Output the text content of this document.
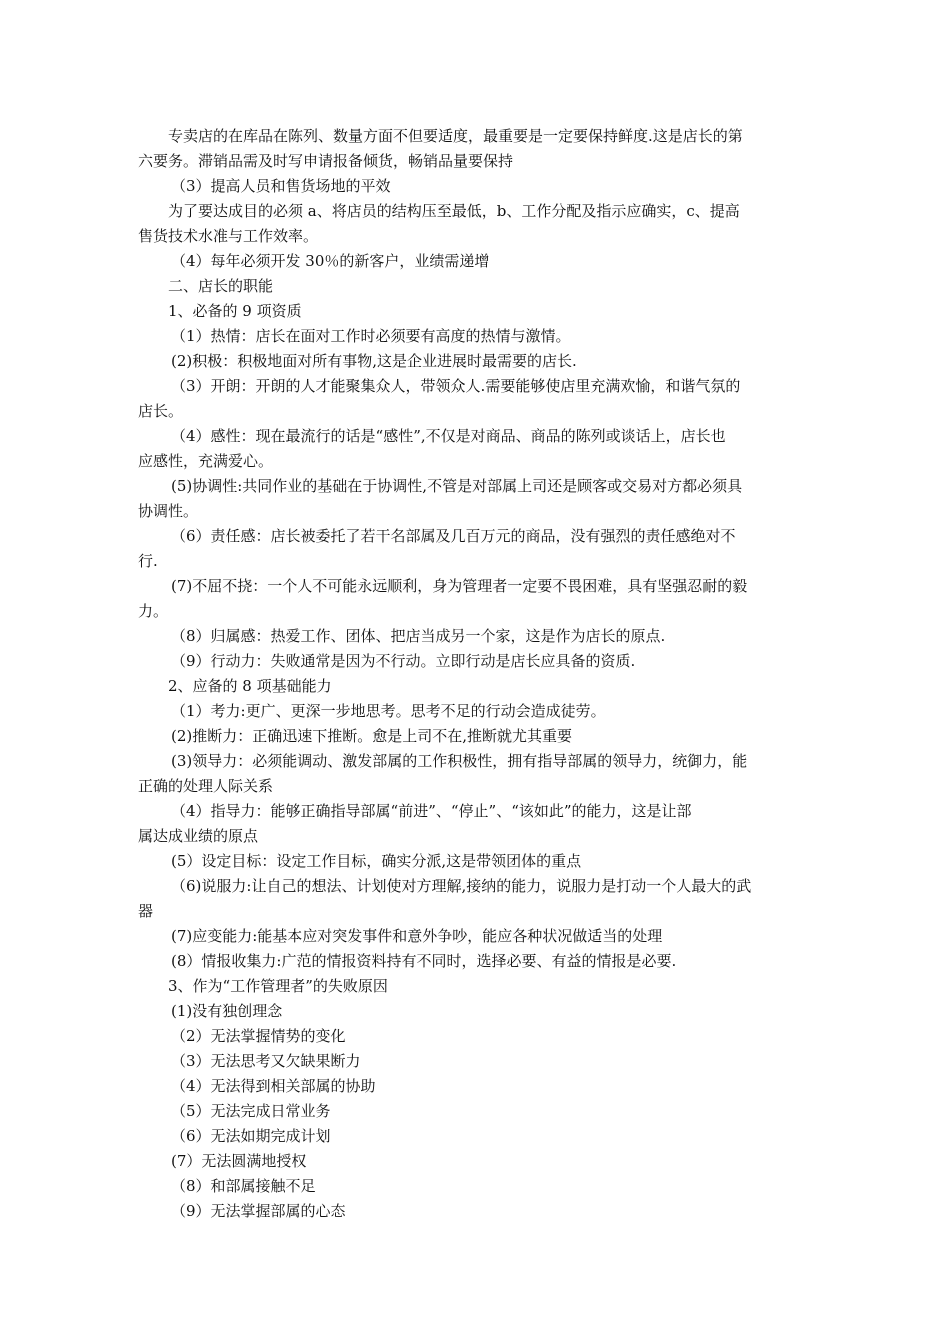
专卖店的在库品在陈列、数量方面不但要适度，最重要是一定要保持鲜度.这是店长的第
六要务。滞销品需及时写申请报备倾货，畅销品量要保持
（3）提高人员和售货场地的平效
为了要达成目的必须 a、将店员的结构压至最低，b、工作分配及指示应确实，c、提高
售货技术水准与工作效率。
（4）每年必须开发 30％的新客户，业绩需递增
二、店长的职能
1、必备的 9 项资质
（1）热情：店长在面对工作时必须要有高度的热情与激情。
(2)积极：积极地面对所有事物,这是企业进展时最需要的店长.
（3）开朗：开朗的人才能聚集众人，带领众人.需要能够使店里充满欢愉，和谐气氛的
店长。
（4）感性：现在最流行的话是“感性”,不仅是对商品、商品的陈列或谈话上，店长也
应感性，充满爱心。
(5)协调性:共同作业的基础在于协调性,不管是对部属上司还是顾客或交易对方都必须具
协调性。
（6）责任感：店长被委托了若干名部属及几百万元的商品，没有强烈的责任感绝对不
行.
(7)不屈不挠：一个人不可能永远顺利，身为管理者一定要不畏困难，具有坚强忍耐的毅
力。
（8）归属感：热爱工作、团体、把店当成另一个家，这是作为店长的原点.
（9）行动力：失败通常是因为不行动。立即行动是店长应具备的资质.
2、应备的 8 项基础能力
（1）考力:更广、更深一步地思考。思考不足的行动会造成徒劳。
(2)推断力：正确迅速下推断。愈是上司不在,推断就尤其重要
(3)领导力：必须能调动、激发部属的工作积极性，拥有指导部属的领导力，统御力，能
正确的处理人际关系
（4）指导力：能够正确指导部属“前进”、“停止”、“该如此”的能力，这是让部
属达成业绩的原点
(5）设定目标：设定工作目标，确实分派,这是带领团体的重点
（6)说服力:让自己的想法、计划使对方理解,接纳的能力，说服力是打动一个人最大的武
器
(7)应变能力:能基本应对突发事件和意外争吵，能应各种状况做适当的处理
(8）情报收集力:广范的情报资料持有不同时，选择必要、有益的情报是必要.
3、作为“工作管理者”的失败原因
(1)没有独创理念
（2）无法掌握情势的变化
（3）无法思考又欠缺果断力
（4）无法得到相关部属的协助
（5）无法完成日常业务
（6）无法如期完成计划
(7）无法圆满地授权
（8）和部属接触不足
（9）无法掌握部属的心态
